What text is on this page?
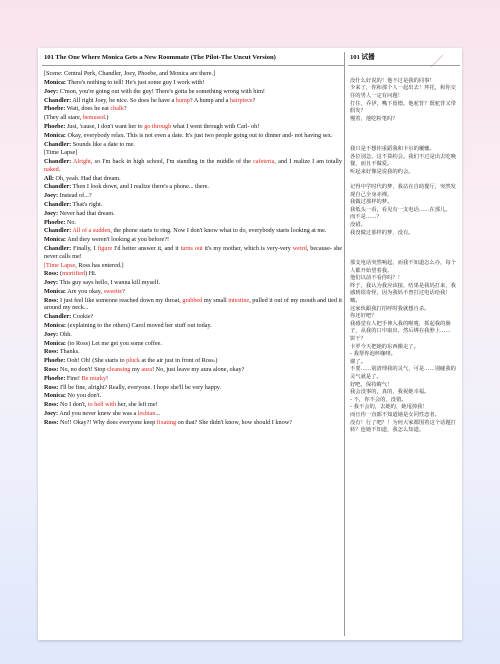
101 The One Where Monica Gets a New Roommate (The Pilot-The Uncut Version)
[Scene: Central Perk, Chandler, Joey, Phoebe, and Monica are there.]
Monica: There's nothing to tell! He's just some guy I work with!
Joey: C'mon, you're going out with the guy! There's gotta be something wrong with him!
Chandler: All right Joey, be nice. So does he have a hump? A hump and a hairpiece?
Phoebe: Wait, does he eat chalk?
(They all stare, bemused.)
Phoebe: Just, 'cause, I don't want her to go through what I went through with Carl- oh!
Monica: Okay, everybody relax. This is not even a date. It's just two people going out to dinner and- not having sex.
Chandler: Sounds like a date to me.
[Time Lapse]
Chandler: Alright, so I'm back in high school, I'm standing in the middle of the cafeteria, and I realize I am totally naked.
All: Oh, yeah. Had that dream.
Chandler: Then I look down, and I realize there's a phone... there.
Joey: Instead of...?
Chandler: That's right.
Joey: Never had that dream.
Phoebe: No.
Chandler: All of a sudden, the phone starts to ring. Now I don't know what to do, everybody starts looking at me.
Monica: And they weren't looking at you before?!
Chandler: Finally, I figure I'd better answer it, and it turns out it's my mother, which is very-very weird, because- she never calls me!
[Time Lapse, Ross has entered.]
Ross: (mortified) Hi.
Joey: This guy says hello, I wanna kill myself.
Monica: Are you okay, sweetie?
Ross: I just feel like someone reached down my throat, grabbed my small intestine, pulled it out of my mouth and tied it around my neck...
Chandler: Cookie?
Monica: (explaining to the others) Carol moved her stuff out today.
Joey: Ohh.
Monica: (to Ross) Let me get you some coffee.
Ross: Thanks.
Phoebe: Ooh! Oh! (She starts to pluck at the air just in front of Ross.)
Ross: No, no don't! Stop cleansing my aura! No, just leave my aura alone, okay?
Phoebe: Fine! Be murky!
Ross: I'll be fine, alright? Really, everyone. I hope she'll be very happy.
Monica: No you don't.
Ross: No I don't, to hell with her, she left me!
Joey: And you never knew she was a lesbian...
Ross: No!! Okay?! Why does everyone keep fixating on that? She didn't know, how should I know?
101 试播
没什么好说的！他不过是我的同事！
少来了，你和那个人一起出去！拜托，和你交往的男人一定有问题！
打住，乔伊，嘴下留德。他驼背？既驼背又带假发？
慢着，他吃粉笔吗？
我只是不想你重蹈我和卡尔的覆辙。
各位别急，这不算约会。我们不过是出去吃晚餐，而且不做爱。
听起来好像是说我的约会。
记得中学时代的梦，我站在自助餐厅，突然发现自己全身赤裸。
我做过那样的梦。
我低头一看，看见有一支电话……在那儿。
而不是……？
没错。
我没做过那样的梦，没有。
那支电话突然响起，而我不知道怎么办，每个人都开始望着我。
他们以前不看你吗？！
终于，我认为我应该接，结果是我妈打来，我感到很奇怪，因为我妈不曾打过电话给我！
嗨。
这家伙跟我打招呼时我就想自杀。
你还好吧？
我感觉有人把手伸入我的喉咙，抓起我的肠子，从我的口中取出，然后绑在我脖上……
饼干？
卡罗今天把她的东西搬走了。
- 我帮你泡杯咖啡。
谢了。
不要……别清理我的灵气，可是……别碰我的灵气就是了。
好吧，保持晦气！
我会没事的，真的，我祝她幸福。
- 不，你不会的，没错。
- 我不会的，去她的，她甩掉我！
而且你一直都不知道她是女同性恋者。
没有！行了吧？！为何大家都围着这个话题打转？连她不知道，我怎么知道。
